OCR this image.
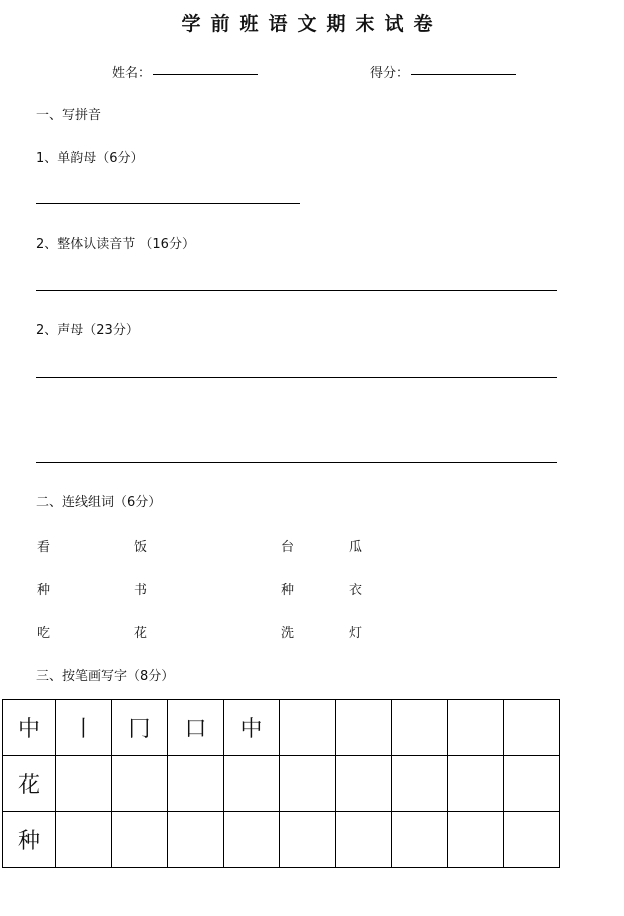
学前班语文期末试卷
姓名：	得分：
一、写拼音
1、单韵母（6分）
2、整体认读音节 （16分）
2、声母（23分）
二、连线组词（6分）
看	饭	台	瓜
种	书	种	衣
吃	花	洗	灯
三、按笔画写字（8分）
中	丨	冂	口	中					
花									
种									
